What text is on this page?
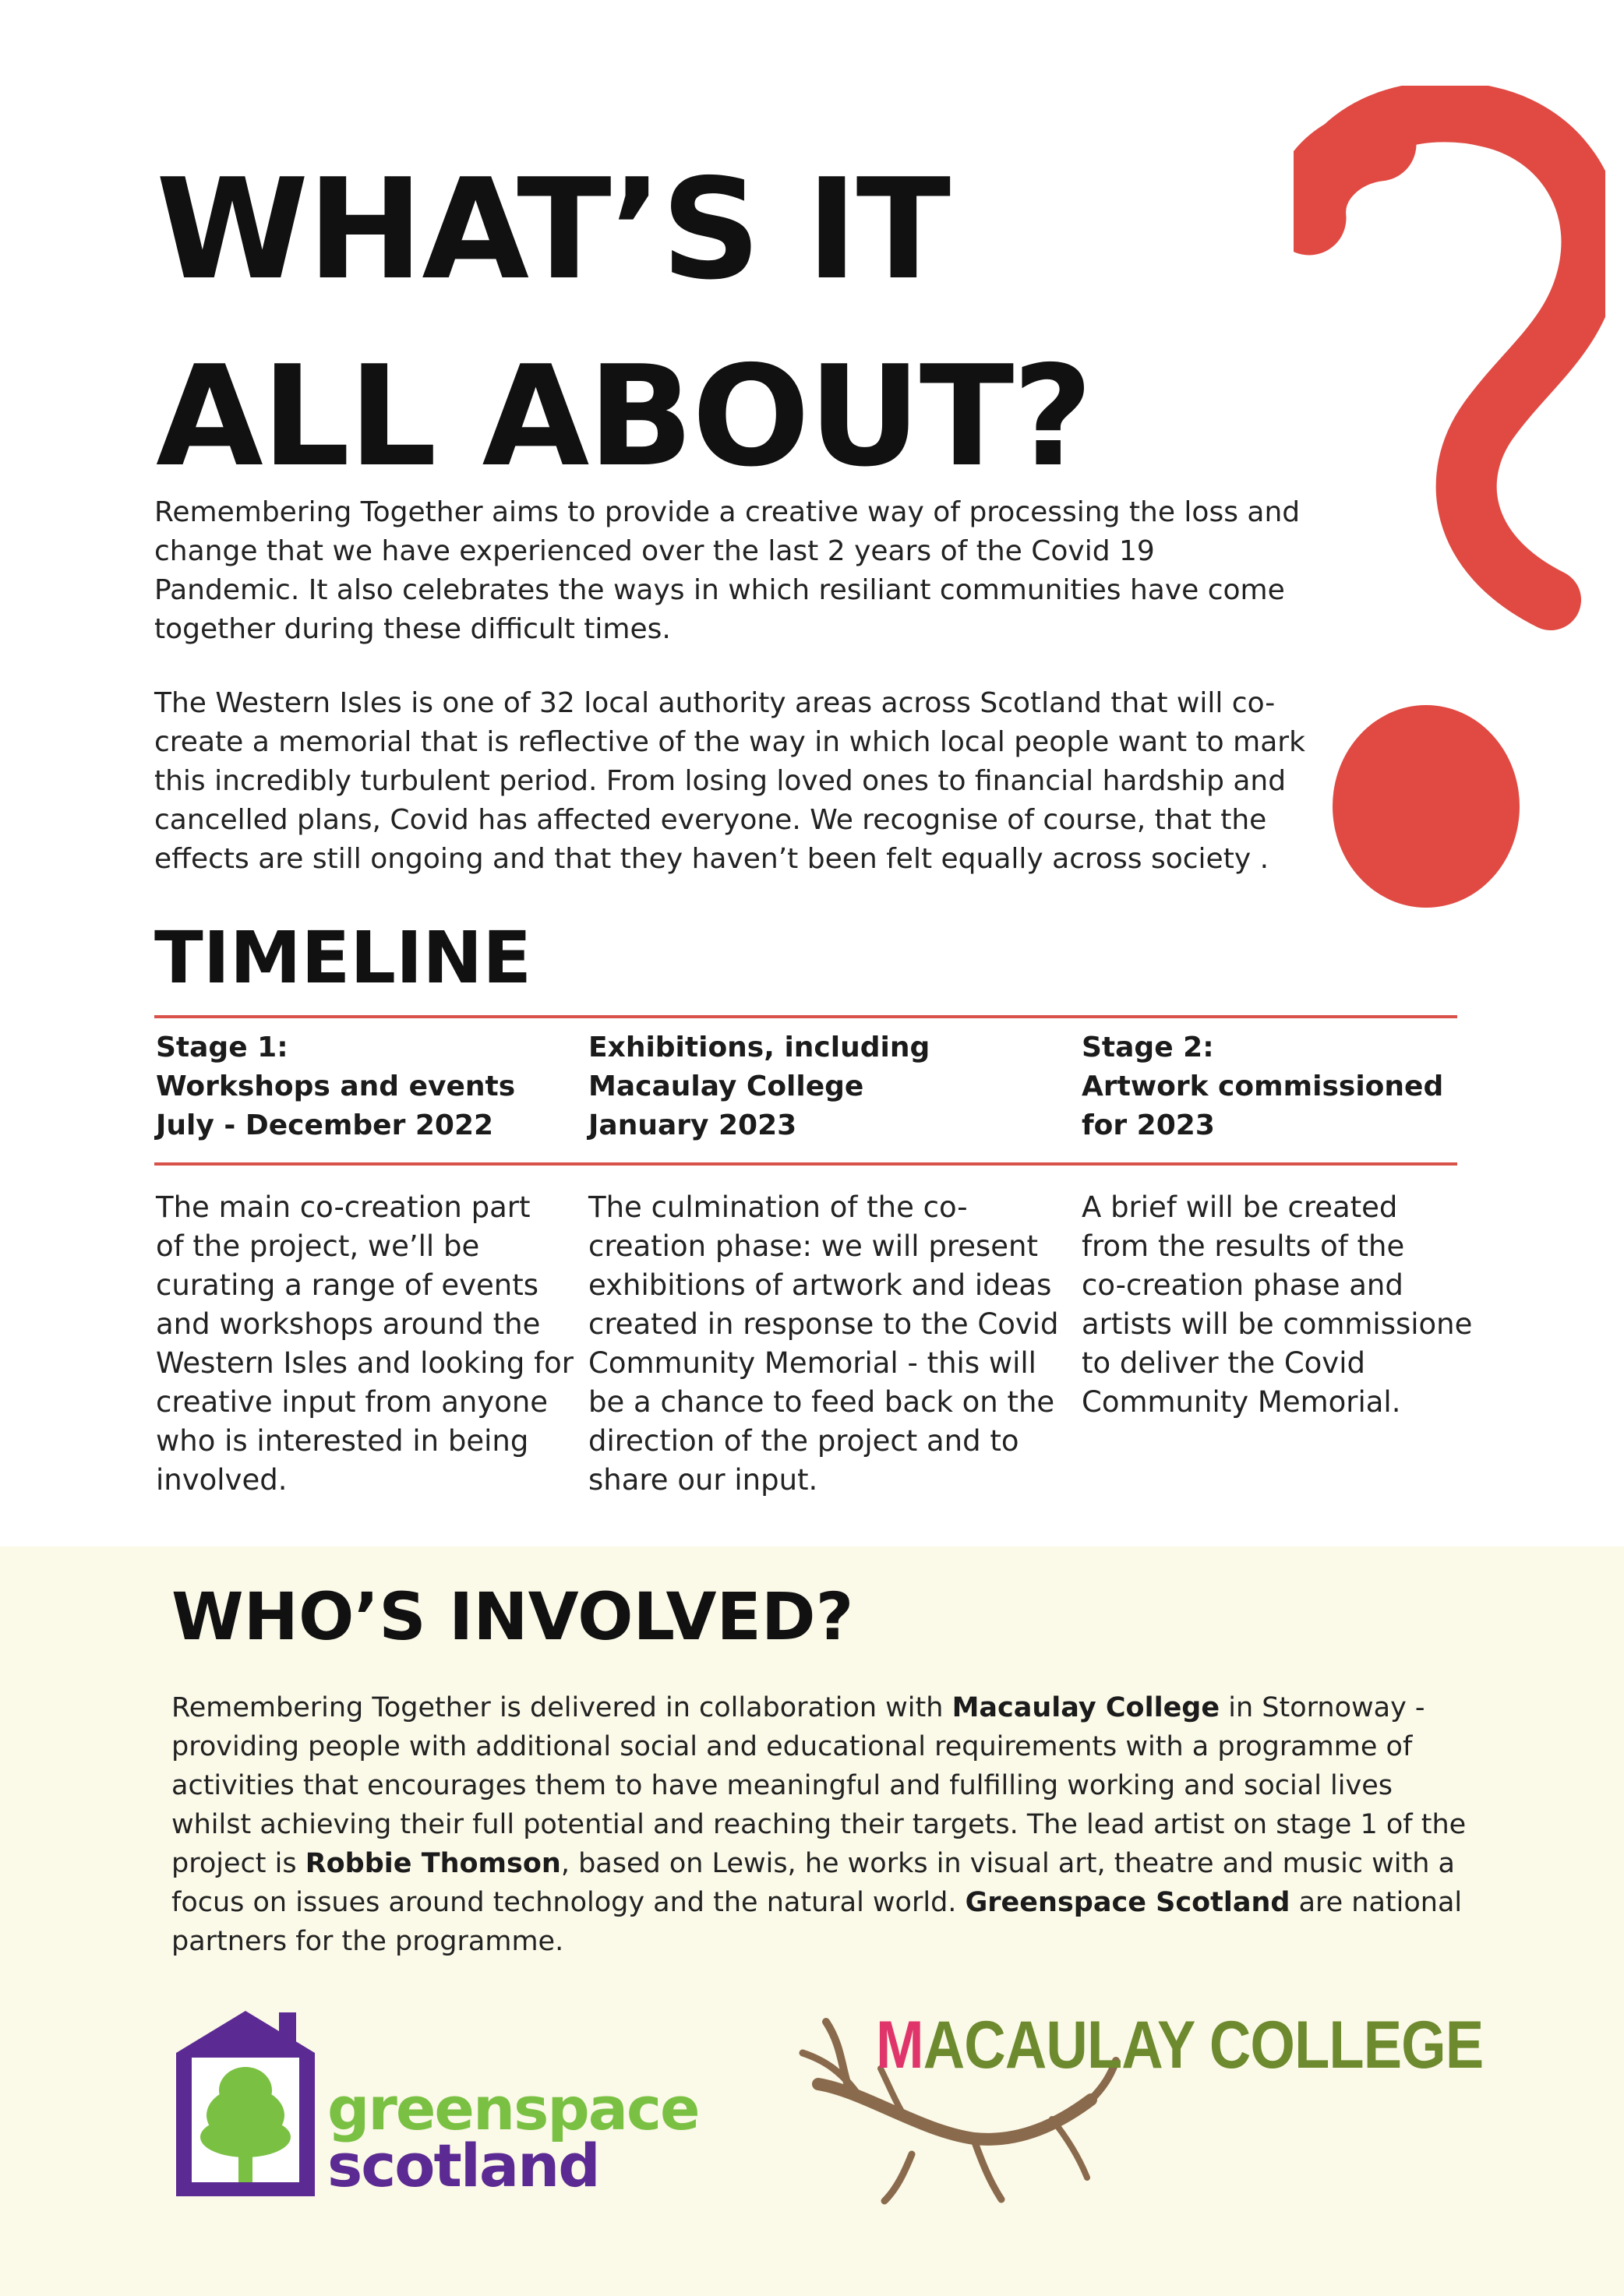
WHAT’S IT
ALL ABOUT?

Remembering Together aims to provide a creative way of processing the loss and change that we have experienced over the last 2 years of the Covid 19 Pandemic. It also celebrates the ways in which resiliant communities have come together during these difficult times.

The Western Isles is one of 32 local authority areas across Scotland that will co-create a memorial that is reflective of the way in which local people want to mark this incredibly turbulent period. From losing loved ones to financial hardship and cancelled plans, Covid has affected everyone. We recognise of course, that the effects are still ongoing and that they haven’t been felt equally across society .

TIMELINE

Stage 1:
Workshops and events
July - December 2022

Exhibitions, including
Macaulay College
January 2023

Stage 2:
Artwork commissioned
for 2023

The main co-creation part
of the project, we’ll be
curating a range of events
and workshops around the
Western Isles and looking for
creative input from anyone
who is interested in being
involved.

The culmination of the co-
creation phase: we will present
exhibitions of artwork and ideas
created in response to the Covid
Community Memorial - this will
be a chance to feed back on the
direction of the project and to
share our input.

A brief will be created
from the results of the
co-creation phase and
artists will be commissione
to deliver the Covid
Community Memorial.

WHO’S INVOLVED?

Remembering Together is delivered in collaboration with Macaulay College in Stornoway - providing people with additional social and educational requirements with a programme of activities that encourages them to have meaningful and fulfilling working and social lives whilst achieving their full potential and reaching their targets. The lead artist on stage 1 of the project is Robbie Thomson, based on Lewis, he works in visual art, theatre and music with a focus on issues around technology and the natural world. Greenspace Scotland are national partners for the programme.

greenspace
scotland
MACAULAY COLLEGE
